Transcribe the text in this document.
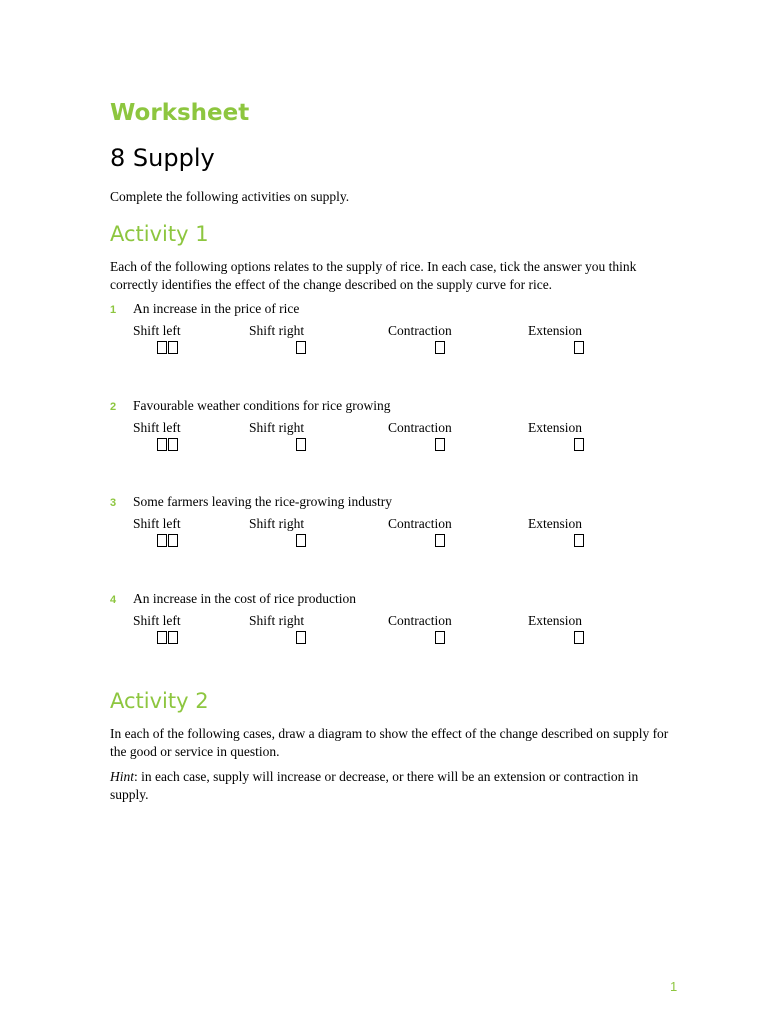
Worksheet
8 Supply
Complete the following activities on supply.
Activity 1
Each of the following options relates to the supply of rice. In each case, tick the answer you think correctly identifies the effect of the change described on the supply curve for rice.
1 An increase in the price of rice
Shift left	Shift right	Contraction	Extension
2 Favourable weather conditions for rice growing
Shift left	Shift right	Contraction	Extension
3 Some farmers leaving the rice-growing industry
Shift left	Shift right	Contraction	Extension
4 An increase in the cost of rice production
Shift left	Shift right	Contraction	Extension
Activity 2
In each of the following cases, draw a diagram to show the effect of the change described on supply for the good or service in question.
Hint: in each case, supply will increase or decrease, or there will be an extension or contraction in supply.
1
